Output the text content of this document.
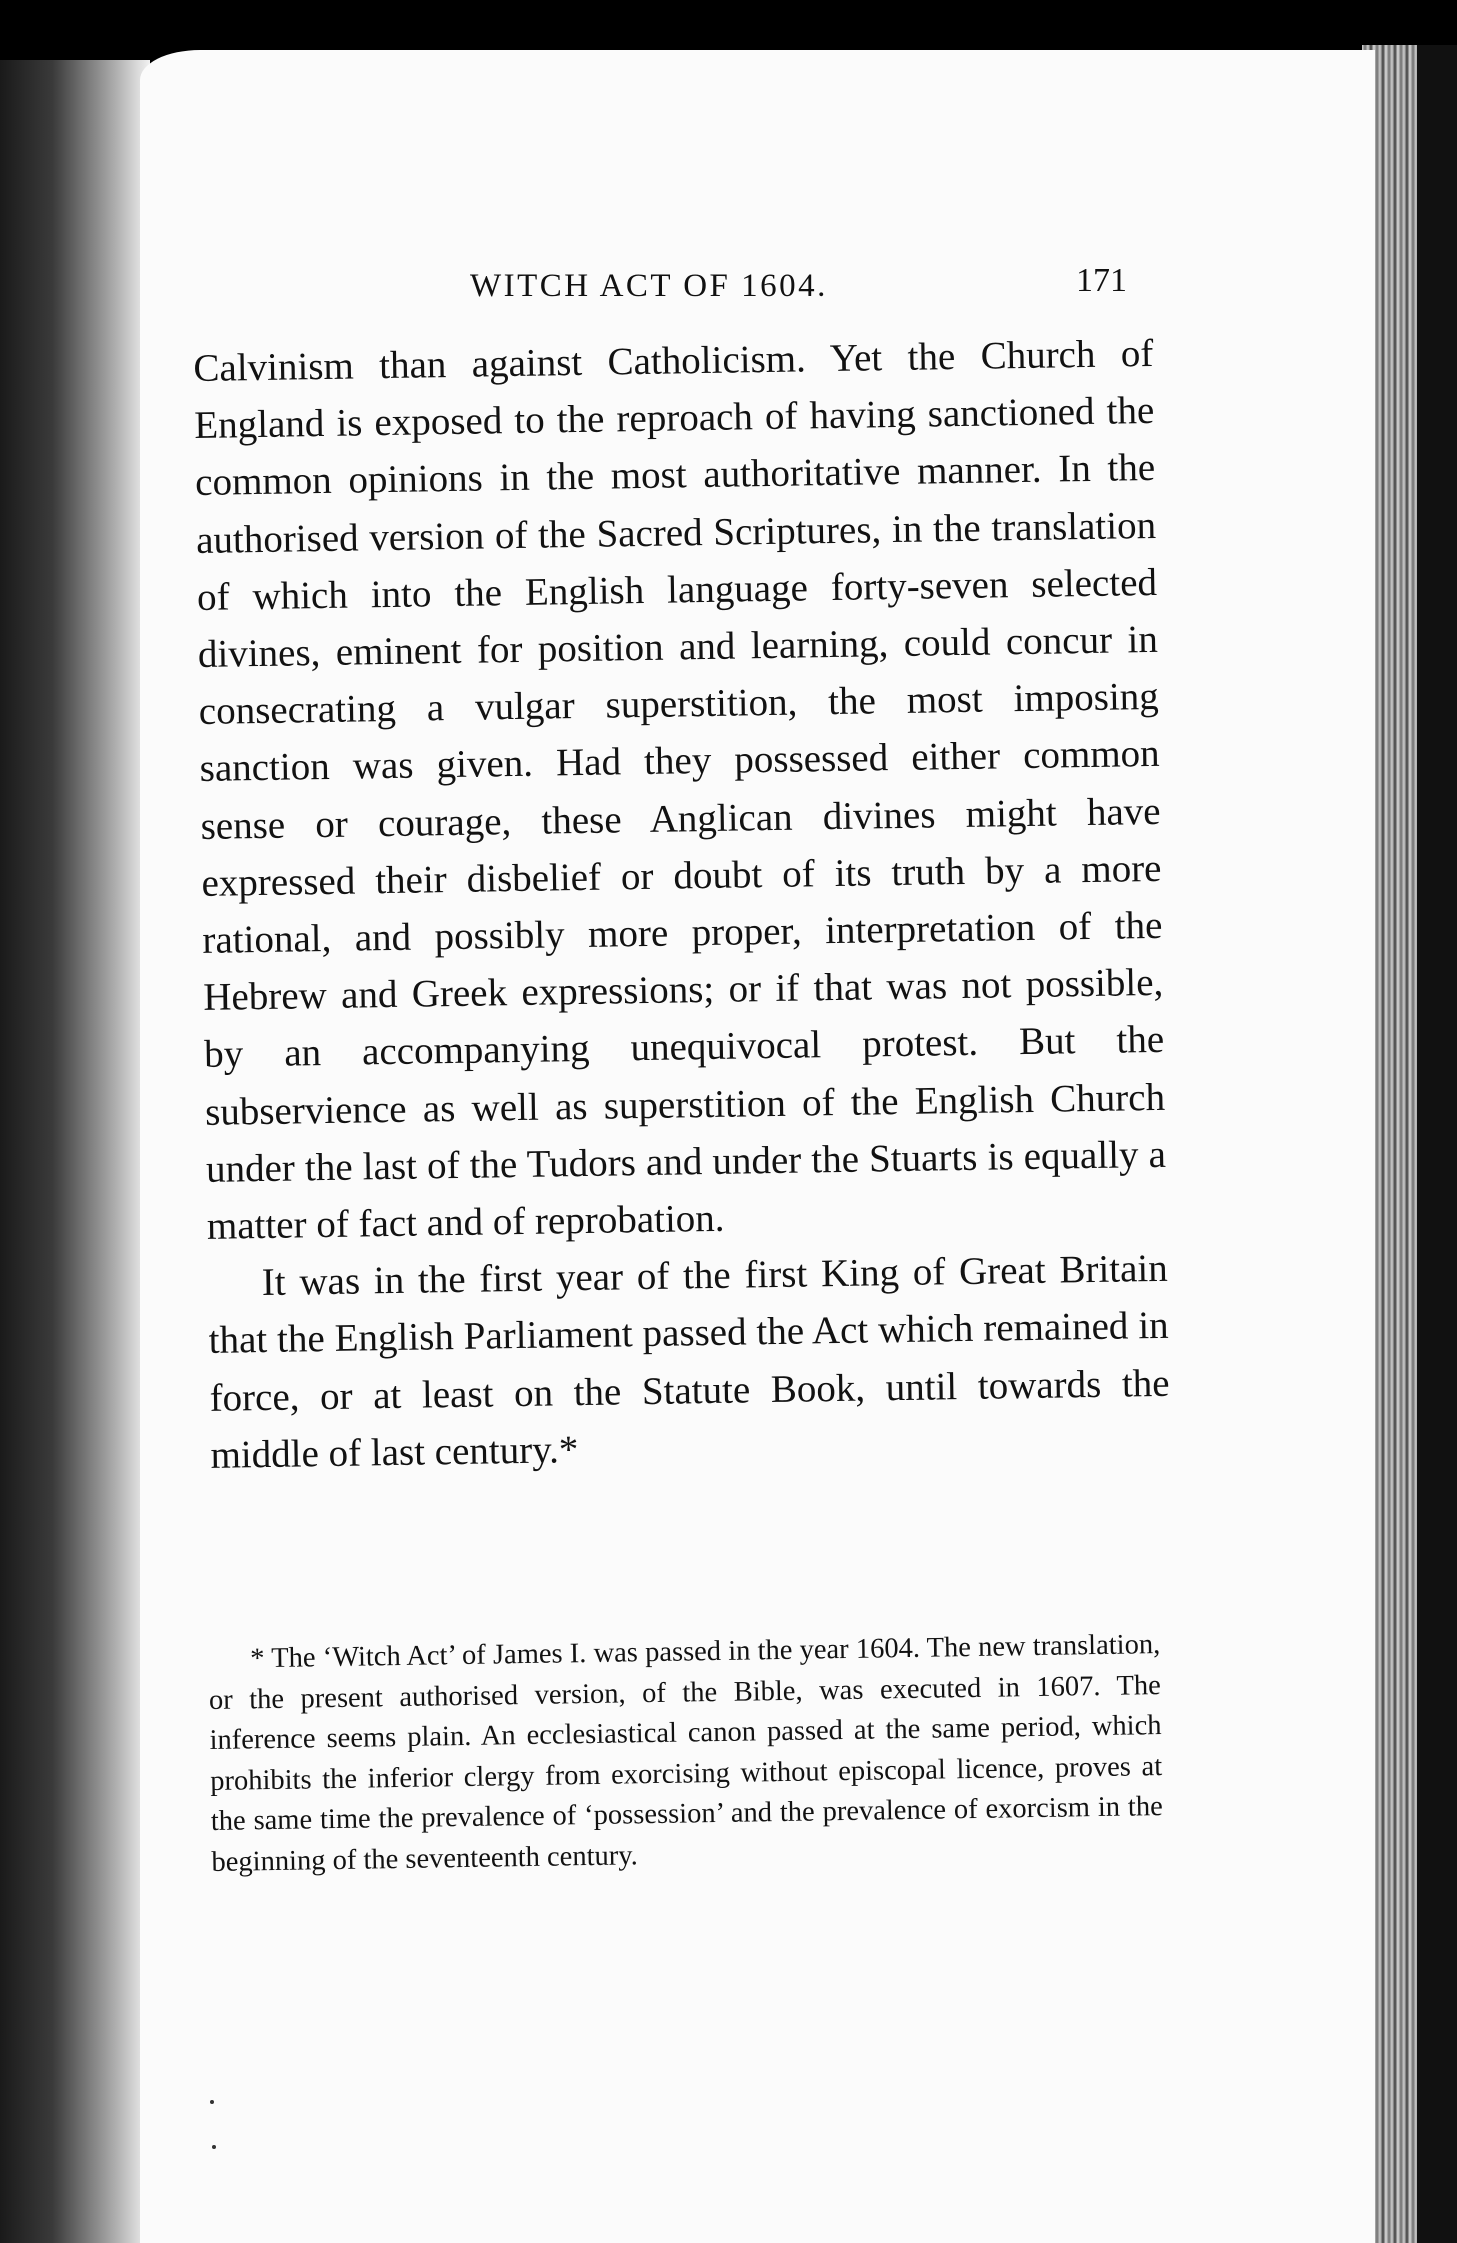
WITCH ACT OF 1604.	171

Calvinism than against Catholicism. Yet the Church of England is exposed to the reproach of having sanctioned the common opinions in the most authoritative manner. In the authorised version of the Sacred Scriptures, in the translation of which into the English language forty-seven selected divines, eminent for position and learning, could concur in consecrating a vulgar superstition, the most imposing sanction was given. Had they possessed either common sense or courage, these Anglican divines might have expressed their disbelief or doubt of its truth by a more rational, and possibly more proper, interpretation of the Hebrew and Greek expressions; or if that was not possible, by an accompanying unequivocal protest. But the subservience as well as superstition of the English Church under the last of the Tudors and under the Stuarts is equally a matter of fact and of reprobation.

It was in the first year of the first King of Great Britain that the English Parliament passed the Act which remained in force, or at least on the Statute Book, until towards the middle of last century.*

* The ‘Witch Act’ of James I. was passed in the year 1604. The new translation, or the present authorised version, of the Bible, was executed in 1607. The inference seems plain. An ecclesiastical canon passed at the same period, which prohibits the inferior clergy from exorcising without episcopal licence, proves at the same time the prevalence of ‘possession’ and the prevalence of exorcism in the beginning of the seventeenth century.
